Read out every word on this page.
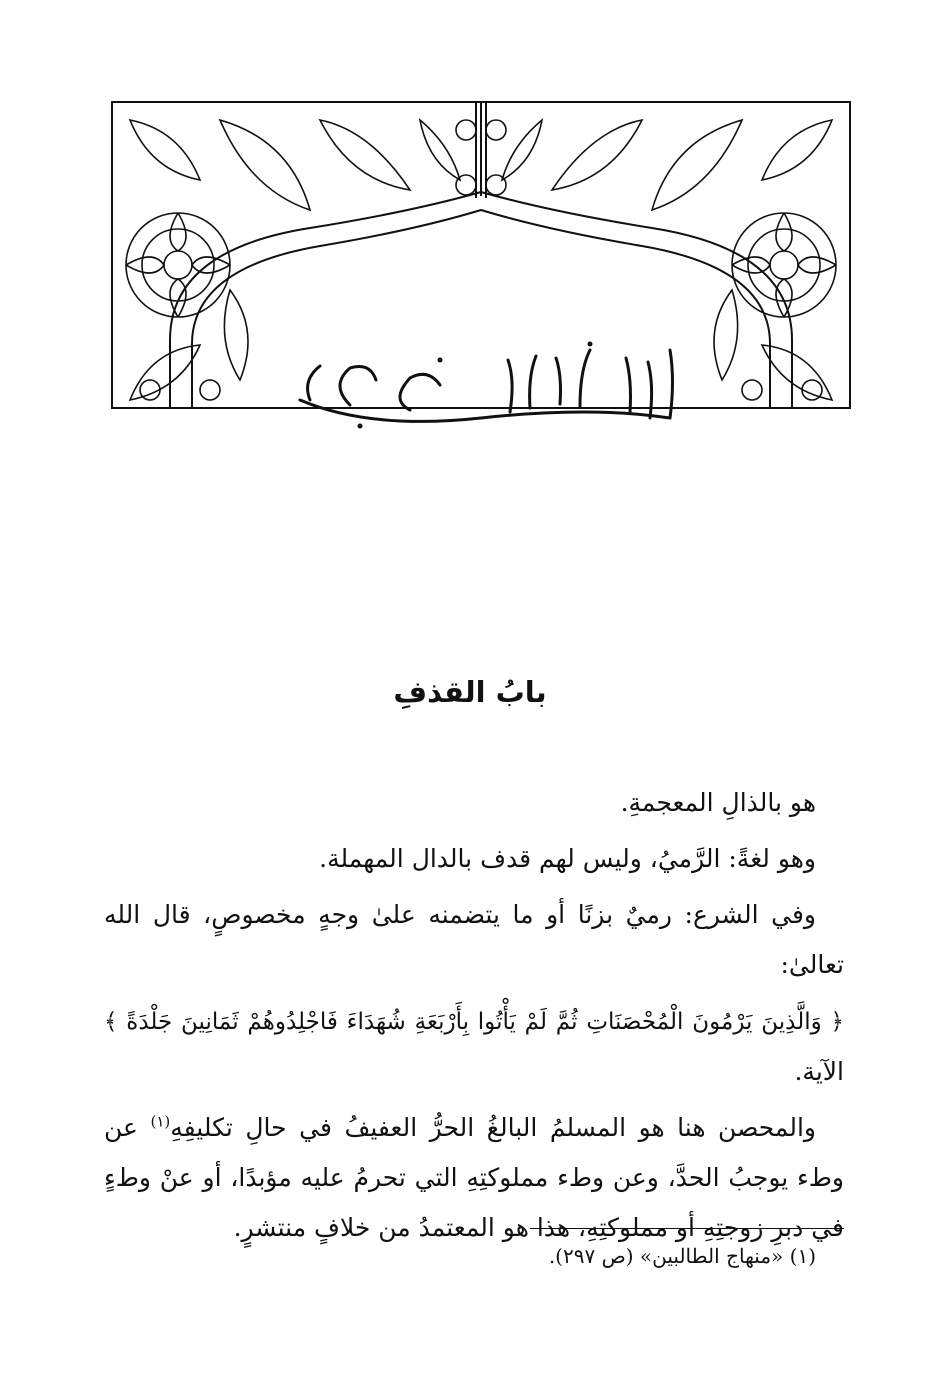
بسم الله الرحمن الرحيم
بابُ القذفِ

هو بالذالِ المعجمةِ.

وهو لغةً: الرَّميُ، وليس لهم قدف بالدال المهملة.

وفي الشرع: رميٌ بزنًا أو ما يتضمنه علىٰ وجهٍ مخصوصٍ، قال الله تعالىٰ:

﴿ وَالَّذِينَ يَرْمُونَ الْمُحْصَنَاتِ ثُمَّ لَمْ يَأْتُوا بِأَرْبَعَةِ شُهَدَاءَ فَاجْلِدُوهُمْ ثَمَانِينَ جَلْدَةً ﴾ الآية.

والمحصن هنا هو المسلمُ البالغُ الحرُّ العفيفُ في حالِ تكليفِهِ$^{(١)}$ عن وطء يوجبُ الحدَّ، وعن وطء مملوكتِهِ التي تحرمُ عليه مؤبدًا، أو عنْ وطءٍ في دبرِ زوجتِهِ أو مملوكتِهِ، هذا هو المعتمدُ من خلافٍ منتشرٍ.

(١) «منهاج الطالبين» (ص ٢٩٧).
